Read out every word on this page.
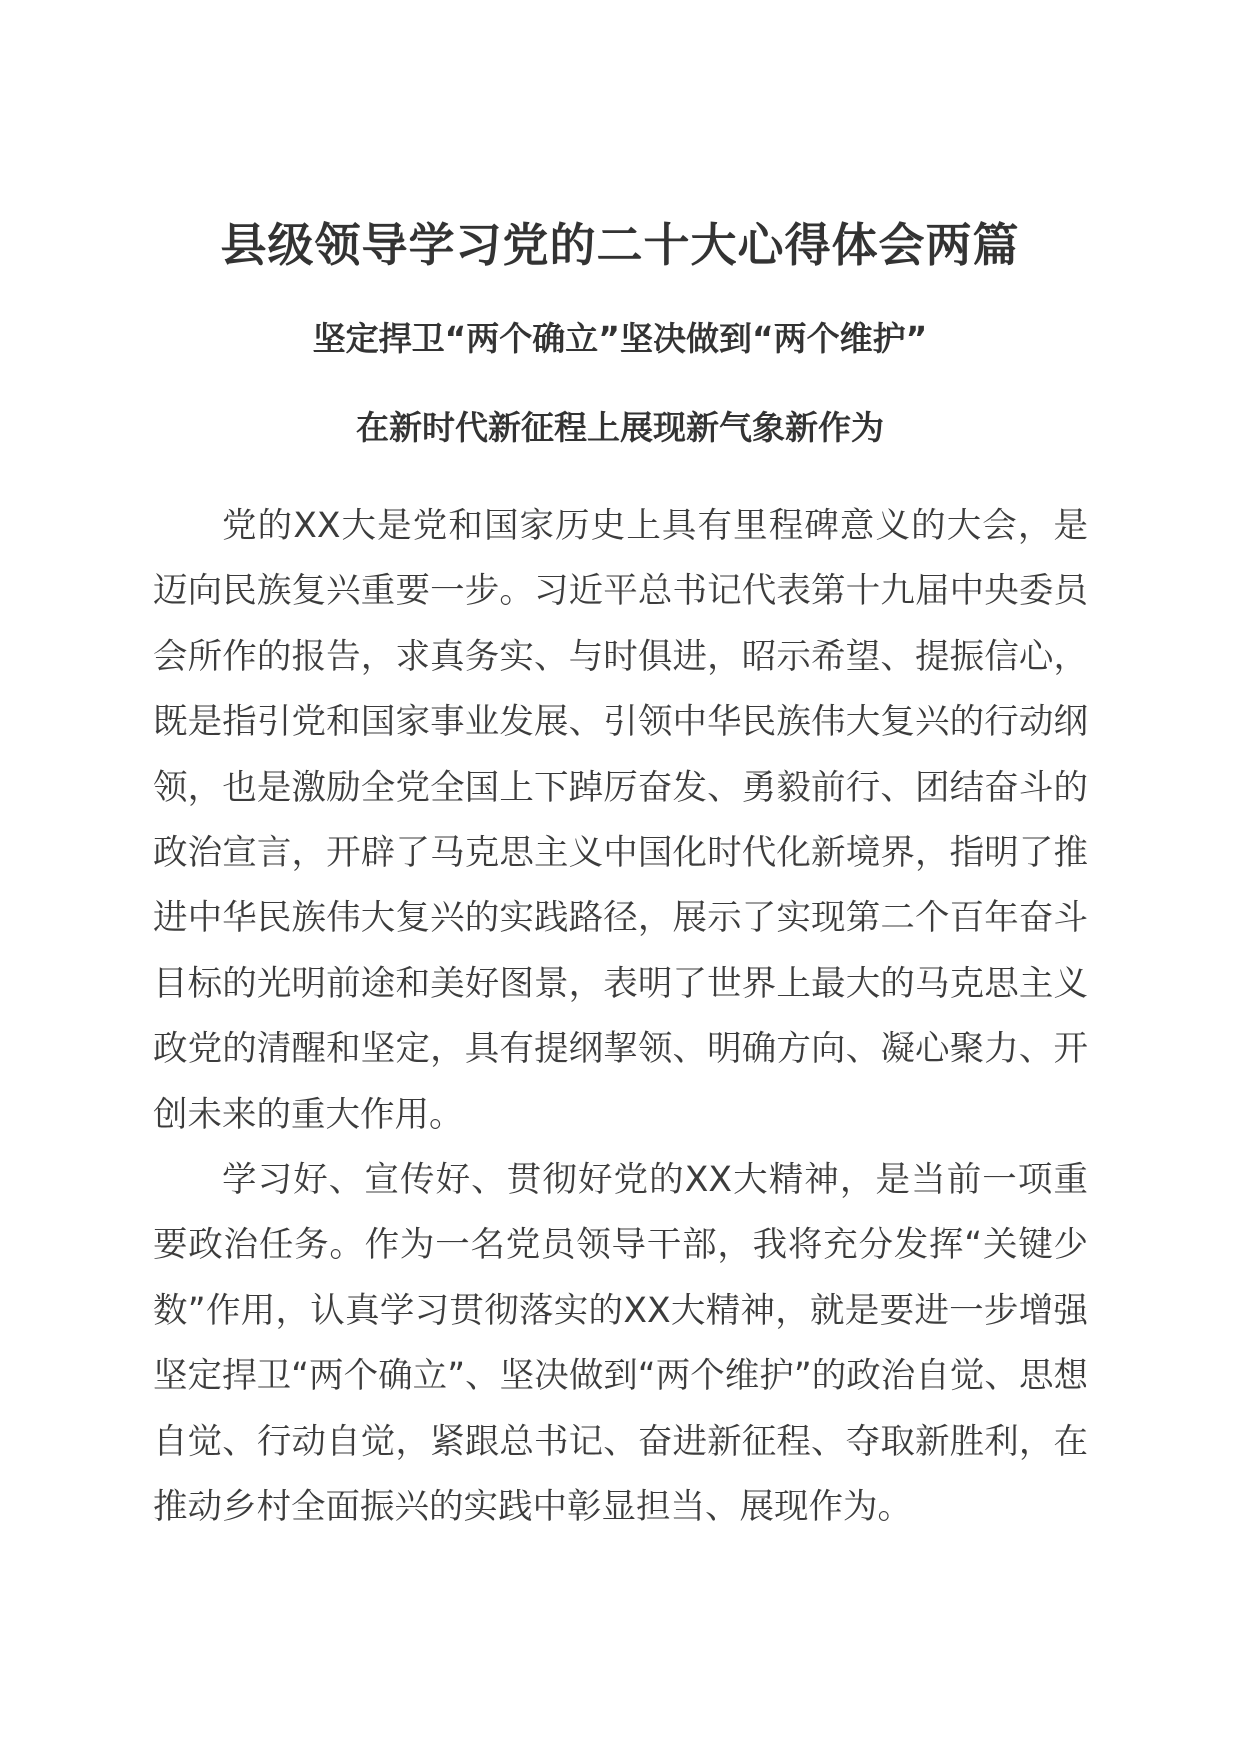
县级领导学习党的二十大心得体会两篇
坚定捍卫“两个确立”坚决做到“两个维护”
在新时代新征程上展现新气象新作为

党的XX大是党和国家历史上具有里程碑意义的大会，是迈向民族复兴重要一步。习近平总书记代表第十九届中央委员会所作的报告，求真务实、与时俱进，昭示希望、提振信心，既是指引党和国家事业发展、引领中华民族伟大复兴的行动纲领，也是激励全党全国上下踔厉奋发、勇毅前行、团结奋斗的政治宣言，开辟了马克思主义中国化时代化新境界，指明了推进中华民族伟大复兴的实践路径，展示了实现第二个百年奋斗目标的光明前途和美好图景，表明了世界上最大的马克思主义政党的清醒和坚定，具有提纲挈领、明确方向、凝心聚力、开创未来的重大作用。

学习好、宣传好、贯彻好党的XX大精神，是当前一项重要政治任务。作为一名党员领导干部，我将充分发挥“关键少数”作用，认真学习贯彻落实的XX大精神，就是要进一步增强坚定捍卫“两个确立”、坚决做到“两个维护”的政治自觉、思想自觉、行动自觉，紧跟总书记、奋进新征程、夺取新胜利，在推动乡村全面振兴的实践中彰显担当、展现作为。
